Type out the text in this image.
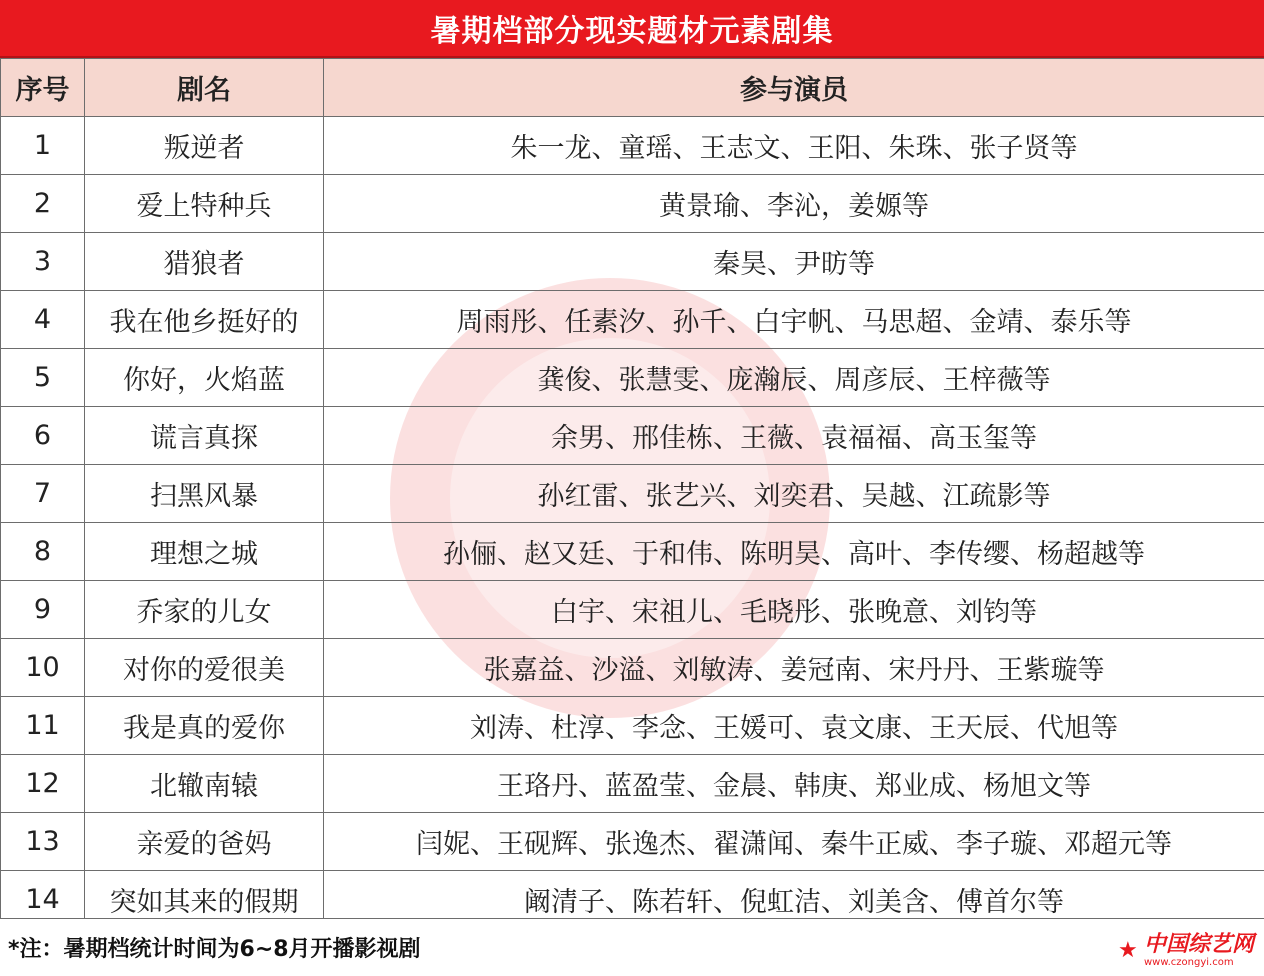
暑期档部分现实题材元素剧集
序号	剧名	参与演员
1	叛逆者	朱一龙、童瑶、王志文、王阳、朱珠、张子贤等
2	爱上特种兵	黄景瑜、李沁，姜嫄等
3	猎狼者	秦昊、尹昉等
4	我在他乡挺好的	周雨彤、任素汐、孙千、白宇帆、马思超、金靖、泰乐等
5	你好，火焰蓝	龚俊、张慧雯、庞瀚辰、周彦辰、王梓薇等
6	谎言真探	余男、邢佳栋、王薇、袁福福、高玉玺等
7	扫黑风暴	孙红雷、张艺兴、刘奕君、吴越、江疏影等
8	理想之城	孙俪、赵又廷、于和伟、陈明昊、高叶、李传缨、杨超越等
9	乔家的儿女	白宇、宋祖儿、毛晓彤、张晚意、刘钧等
10	对你的爱很美	张嘉益、沙溢、刘敏涛、姜冠南、宋丹丹、王紫璇等
11	我是真的爱你	刘涛、杜淳、李念、王媛可、袁文康、王天辰、代旭等
12	北辙南辕	王珞丹、蓝盈莹、金晨、韩庚、郑业成、杨旭文等
13	亲爱的爸妈	闫妮、王砚辉、张逸杰、翟潇闻、秦牛正威、李子璇、邓超元等
14	突如其来的假期	阚清子、陈若轩、倪虹洁、刘美含、傅首尔等
*注：暑期档统计时间为6~8月开播影视剧	★ 中国综艺网
www.czongyi.com
